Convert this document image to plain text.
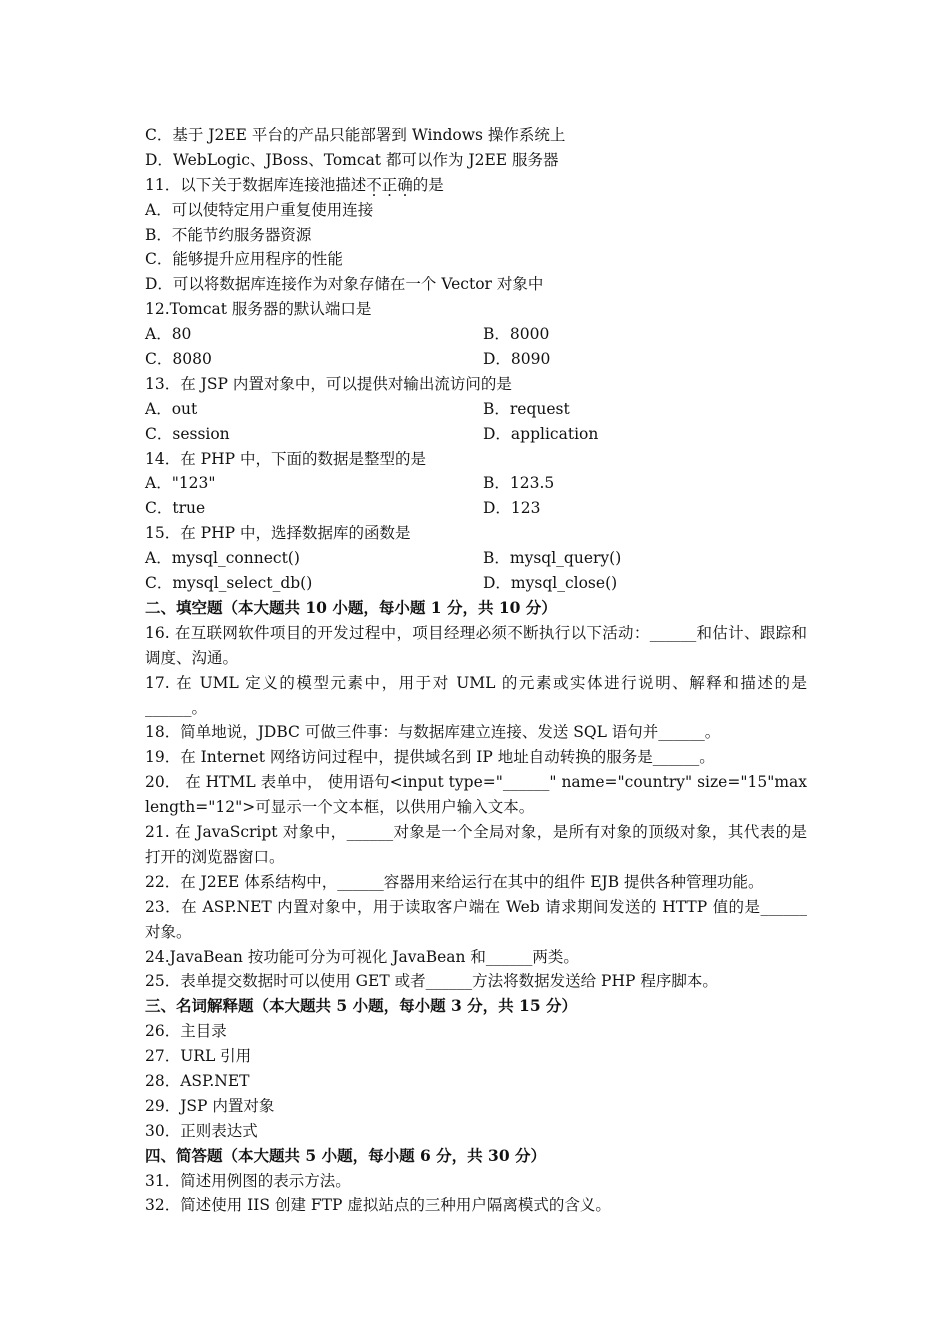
C．基于 J2EE 平台的产品只能部署到 Windows 操作系统上
D．WebLogic、JBoss、Tomcat 都可以作为 J2EE 服务器
11．以下关于数据库连接池描述不正确的是
A．可以使特定用户重复使用连接
B．不能节约服务器资源
C．能够提升应用程序的性能
D．可以将数据库连接作为对象存储在一个 Vector 对象中
12.Tomcat 服务器的默认端口是
A．80	B．8000
C．8080	D．8090
13．在 JSP 内置对象中，可以提供对输出流访问的是
A．out	B．request
C．session	D．application
14．在 PHP 中，下面的数据是整型的是
A．"123"	B．123.5
C．true	D．123
15．在 PHP 中，选择数据库的函数是
A．mysql_connect()	B．mysql_query()
C．mysql_select_db()	D．mysql_close()
二、填空题（本大题共 10 小题，每小题 1 分，共 10 分）
16. 在互联网软件项目的开发过程中，项目经理必须不断执行以下活动：______和估计、跟踪和调度、沟通。
17. 在 UML 定义的模型元素中，用于对 UML 的元素或实体进行说明、解释和描述的是______。
18．简单地说，JDBC 可做三件事：与数据库建立连接、发送 SQL 语句并______。
19．在 Internet 网络访问过程中，提供域名到 IP 地址自动转换的服务是______。
20． 在 HTML 表单中， 使用语句<input type="______" name="country" size="15"maxlength="12">可显示一个文本框，以供用户输入文本。
21. 在 JavaScript 对象中，______对象是一个全局对象，是所有对象的顶级对象，其代表的是打开的浏览器窗口。
22．在 J2EE 体系结构中，______容器用来给运行在其中的组件 EJB 提供各种管理功能。
23．在 ASP.NET 内置对象中，用于读取客户端在 Web 请求期间发送的 HTTP 值的是______对象。
24.JavaBean 按功能可分为可视化 JavaBean 和______两类。
25．表单提交数据时可以使用 GET 或者______方法将数据发送给 PHP 程序脚本。
三、名词解释题（本大题共 5 小题，每小题 3 分，共 15 分）
26．主目录
27．URL 引用
28．ASP.NET
29．JSP 内置对象
30．正则表达式
四、简答题（本大题共 5 小题，每小题 6 分，共 30 分）
31．简述用例图的表示方法。
32．简述使用 IIS 创建 FTP 虚拟站点的三种用户隔离模式的含义。
